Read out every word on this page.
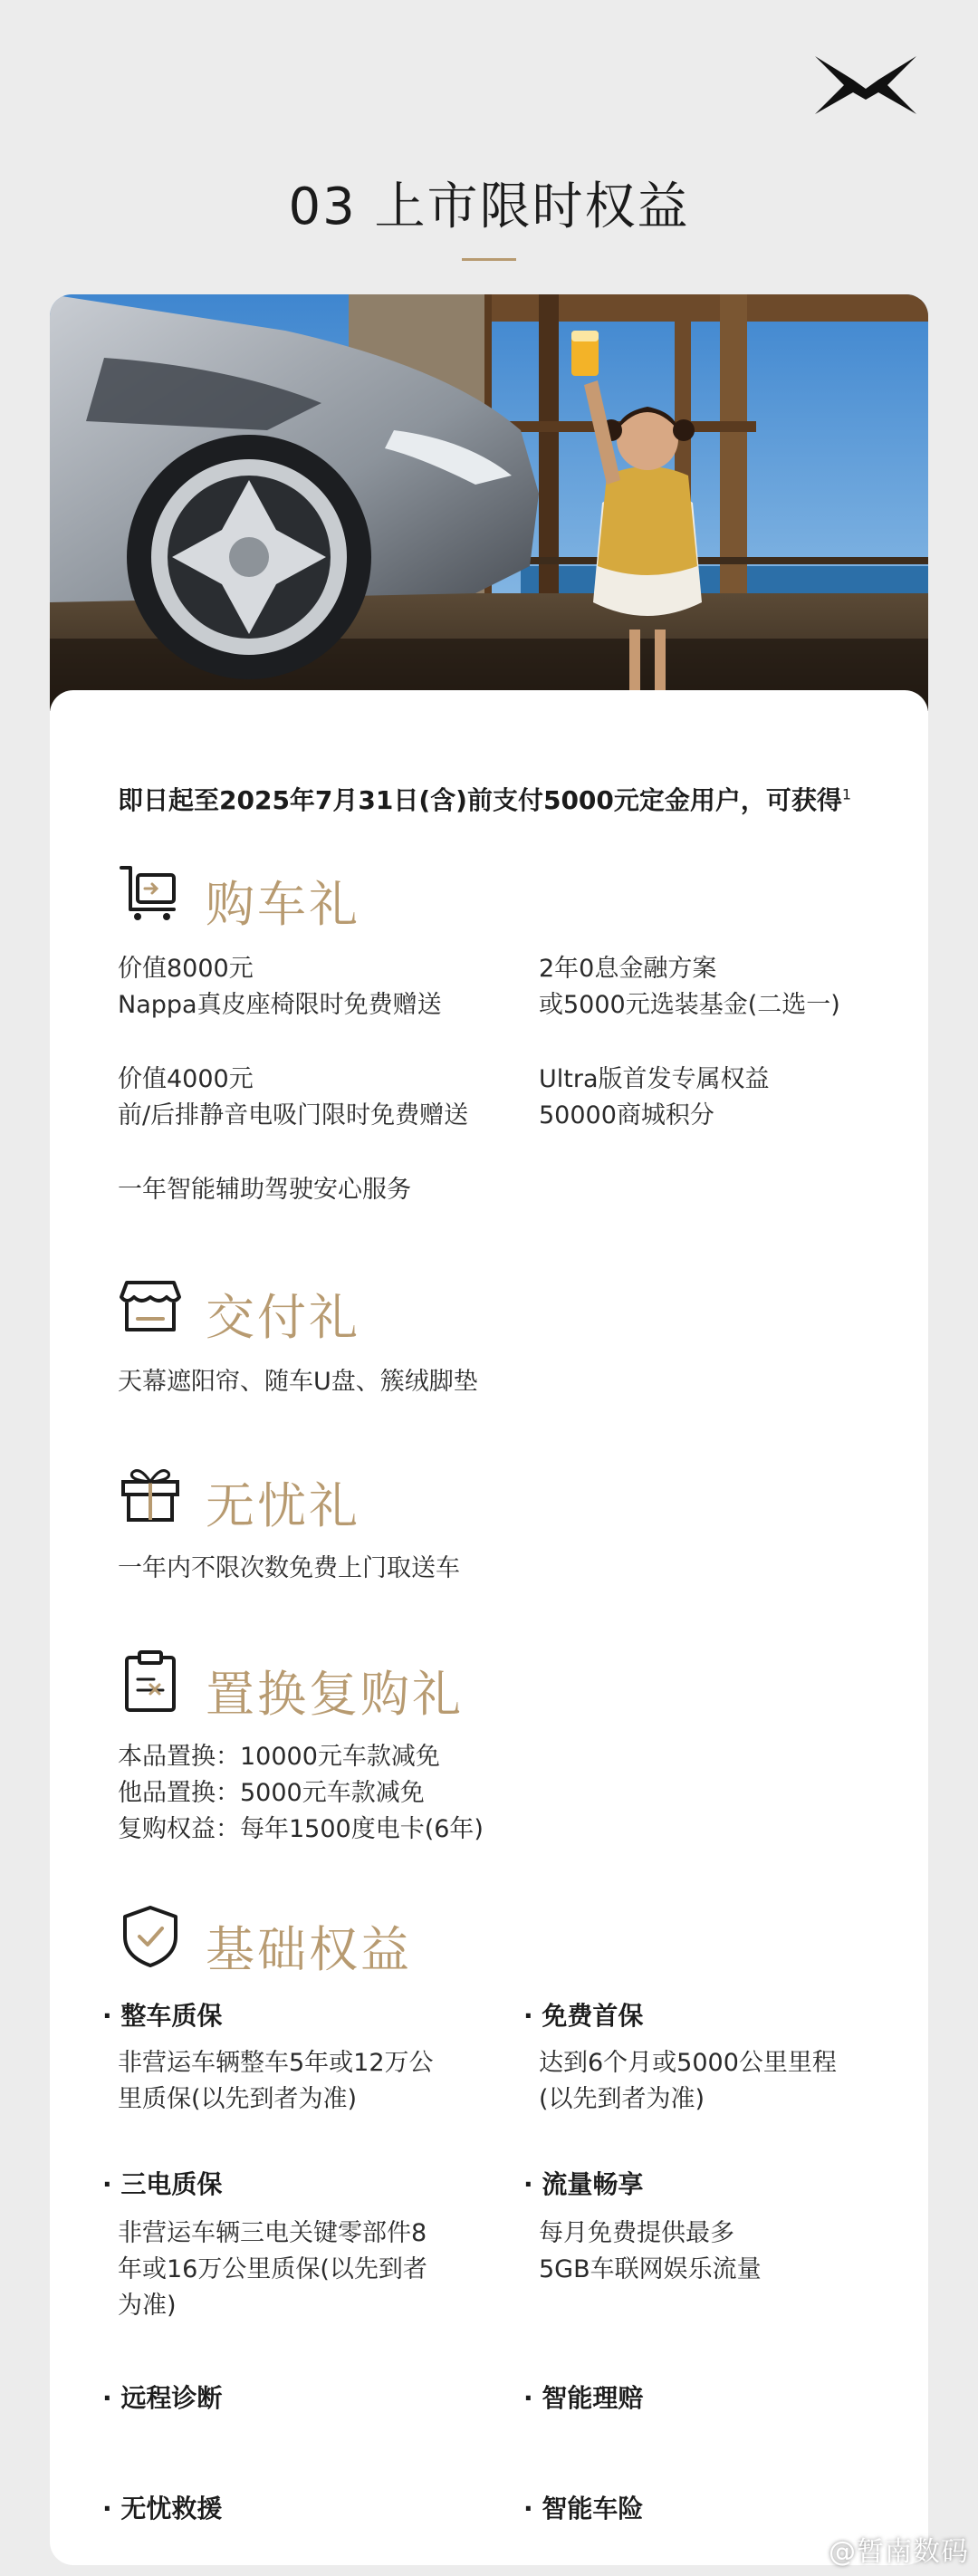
03 上市限时权益
即日起至2025年7月31日(含)前支付5000元定金用户，可获得$^1$
购车礼
价值8000元
Nappa真皮座椅限时免费赠送
2年0息金融方案
或5000元选装基金(二选一)
价值4000元
前/后排静音电吸门限时免费赠送
Ultra版首发专属权益
50000商城积分
一年智能辅助驾驶安心服务
交付礼
天幕遮阳帘、随车U盘、簇绒脚垫
无忧礼
一年内不限次数免费上门取送车
置换复购礼
本品置换：10000元车款减免
他品置换：5000元车款减免
复购权益：每年1500度电卡(6年)
基础权益
· 整车质保
非营运车辆整车5年或12万公
里质保(以先到者为准)
· 免费首保
达到6个月或5000公里里程
(以先到者为准)
· 三电质保
非营运车辆三电关键零部件8
年或16万公里质保(以先到者
为准)
· 流量畅享
每月免费提供最多
5GB车联网娱乐流量
· 远程诊断	· 智能理赔
· 无忧救援	· 智能车险
@暂南数码
